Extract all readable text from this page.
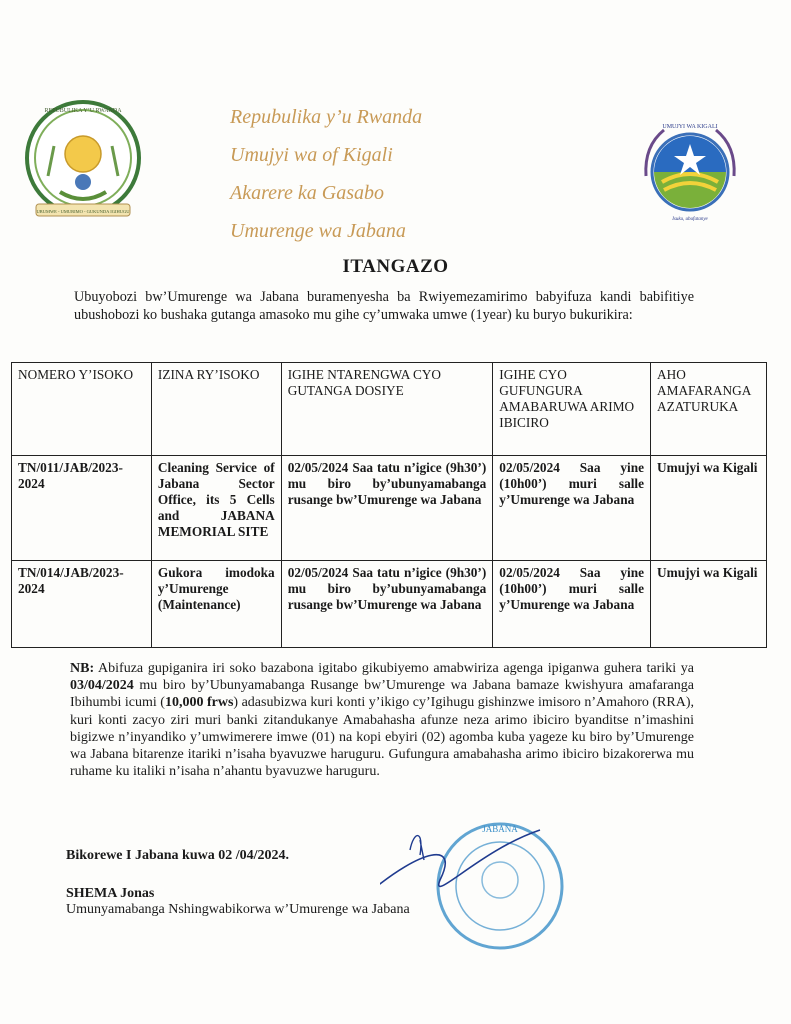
REPUBULIKA Y’U RWANDA
UBUMWE - UMURIMO - GUKUNDA IGIHUGU
UMUJYI WA KIGALI
Isuku, ubufatanye
Repubulika y’u Rwanda
Umujyi wa of Kigali
Akarere ka Gasabo
Umurenge wa Jabana
ITANGAZO
Ubuyobozi bw’Umurenge wa Jabana buramenyesha ba Rwiyemezamirimo babyifuza kandi babifitiye ubushobozi ko bushaka gutanga amasoko mu gihe cy’umwaka umwe (1year) ku buryo bukurikira:
NOMERO Y’ISOKO	IZINA RY’ISOKO	IGIHE NTARENGWA CYO GUTANGA DOSIYE	IGIHE CYO GUFUNGURA AMABARUWA ARIMO IBICIRO	AHO AMAFARANGA AZATURUKA
TN/011/JAB/2023-2024	Cleaning Service of Jabana Sector Office, its 5 Cells and JABANA MEMORIAL SITE	02/05/2024 Saa tatu n’igice (9h30’) mu biro by’ubunyamabanga rusange bw’Umurenge wa Jabana	02/05/2024 Saa yine (10h00’) muri salle y’Umurenge wa Jabana	Umujyi wa Kigali
TN/014/JAB/2023-2024	Gukora imodoka y’Umurenge (Maintenance)	02/05/2024 Saa tatu n’igice (9h30’) mu biro by’ubunyamabanga rusange bw’Umurenge wa Jabana	02/05/2024 Saa yine (10h00’) muri salle y’Umurenge wa Jabana	Umujyi wa Kigali
NB: Abifuza gupiganira iri soko bazabona igitabo gikubiyemo amabwiriza agenga ipiganwa guhera tariki ya 03/04/2024 mu biro by’Ubunyamabanga Rusange bw’Umurenge wa Jabana bamaze kwishyura amafaranga Ibihumbi icumi (10,000 frws) adasubizwa kuri konti y’ikigo cy’Igihugu gishinzwe imisoro n’Amahoro (RRA), kuri konti zacyo ziri muri banki zitandukanye Amabahasha afunze neza arimo ibiciro byanditse n’imashini bigizwe n’inyandiko y’umwimerere imwe (01) na kopi ebyiri (02) agomba kuba yageze ku biro by’Umurenge wa Jabana bitarenze itariki n’isaha byavuzwe haruguru. Gufungura amabahasha arimo ibiciro bizakorerwa mu ruhame ku italiki n’isaha n’ahantu byavuzwe haruguru.
JABANA
Bikorewe I Jabana kuwa 02 /04/2024.
SHEMA Jonas
Umunyamabanga Nshingwabikorwa w’Umurenge wa Jabana
